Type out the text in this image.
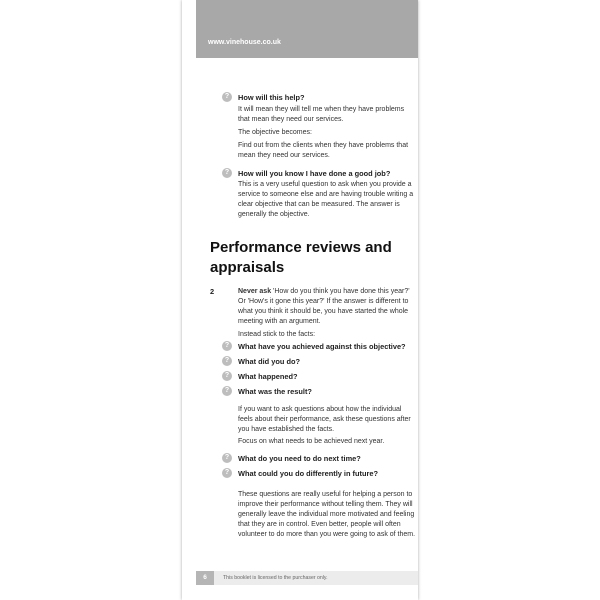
www.vinehouse.co.uk
?	How will this help?
It will mean they will tell me when they have problems that mean they need our services.
The objective becomes:
Find out from the clients when they have problems that mean they need our services.
?	How will you know I have done a good job?
This is a very useful question to ask when you provide a service to someone else and are having trouble writing a clear objective that can be measured. The answer is generally the objective.
Performance reviews and appraisals
2	Never ask 'How do you think you have done this year?' Or 'How's it gone this year?' If the answer is different to what you think it should be, you have started the whole meeting with an argument.
Instead stick to the facts:
?	What have you achieved against this objective?
?	What did you do?
?	What happened?
?	What was the result?
If you want to ask questions about how the individual feels about their performance, ask these questions after you have established the facts.
Focus on what needs to be achieved next year.
?	What do you need to do next time?
?	What could you do differently in future?
These questions are really useful for helping a person to improve their performance without telling them. They will generally leave the individual more motivated and feeling that they are in control. Even better, people will often volunteer to do more than you were going to ask of them.
6	This booklet is licensed to the purchaser only.
